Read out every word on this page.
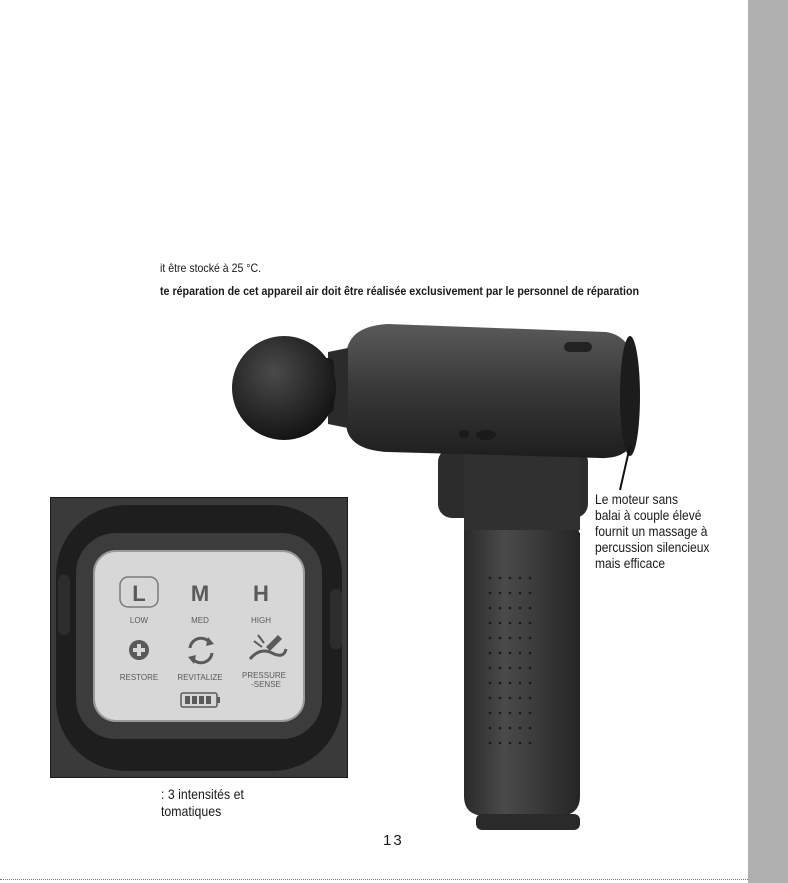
it être stocké à 25 °C.
te réparation de cet appareil air doit être réalisée exclusivement par le personnel de réparation
L M H
LOW	MED	HIGH
RESTORE REVITALIZE PRESSURE
-SENSE
Le moteur sans
balai à couple élevé
fournit un massage à
percussion silencieux
mais efficace
: 3 intensités et
tomatiques
13
